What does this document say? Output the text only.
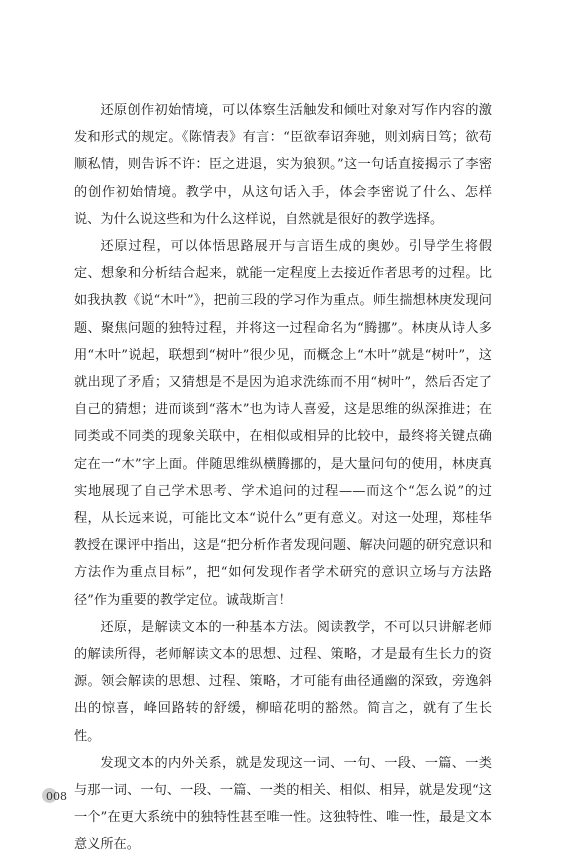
还原创作初始情境，可以体察生活触发和倾吐对象对写作内容的激发和形式的规定。《陈情表》有言：“臣欲奉诏奔驰，则刘病日笃；欲苟顺私情，则告诉不许：臣之进退，实为狼狈。”这一句话直接揭示了李密的创作初始情境。教学中，从这句话入手，体会李密说了什么、怎样说、为什么说这些和为什么这样说，自然就是很好的教学选择。

还原过程，可以体悟思路展开与言语生成的奥妙。引导学生将假定、想象和分析结合起来，就能一定程度上去接近作者思考的过程。比如我执教《说“木叶”》，把前三段的学习作为重点。师生揣想林庚发现问题、聚焦问题的独特过程，并将这一过程命名为“腾挪”。林庚从诗人多用“木叶”说起，联想到“树叶”很少见，而概念上“木叶”就是“树叶”，这就出现了矛盾；又猜想是不是因为追求洗练而不用“树叶”，然后否定了自己的猜想；进而谈到“落木”也为诗人喜爱，这是思维的纵深推进；在同类或不同类的现象关联中，在相似或相异的比较中，最终将关键点确定在一“木”字上面。伴随思维纵横腾挪的，是大量问句的使用，林庚真实地展现了自己学术思考、学术追问的过程——而这个“怎么说”的过程，从长远来说，可能比文本“说什么”更有意义。对这一处理，郑桂华教授在课评中指出，这是“把分析作者发现问题、解决问题的研究意识和方法作为重点目标”，把“如何发现作者学术研究的意识立场与方法路径”作为重要的教学定位。诚哉斯言！

还原，是解读文本的一种基本方法。阅读教学，不可以只讲解老师的解读所得，老师解读文本的思想、过程、策略，才是最有生长力的资源。领会解读的思想、过程、策略，才可能有曲径通幽的深致，旁逸斜出的惊喜，峰回路转的舒缓，柳暗花明的豁然。简言之，就有了生长性。

发现文本的内外关系，就是发现这一词、一句、一段、一篇、一类与那一词、一句、一段、一篇、一类的相关、相似、相异，就是发现“这一个”在更大系统中的独特性甚至唯一性。这独特性、唯一性，最是文本意义所在。

008
